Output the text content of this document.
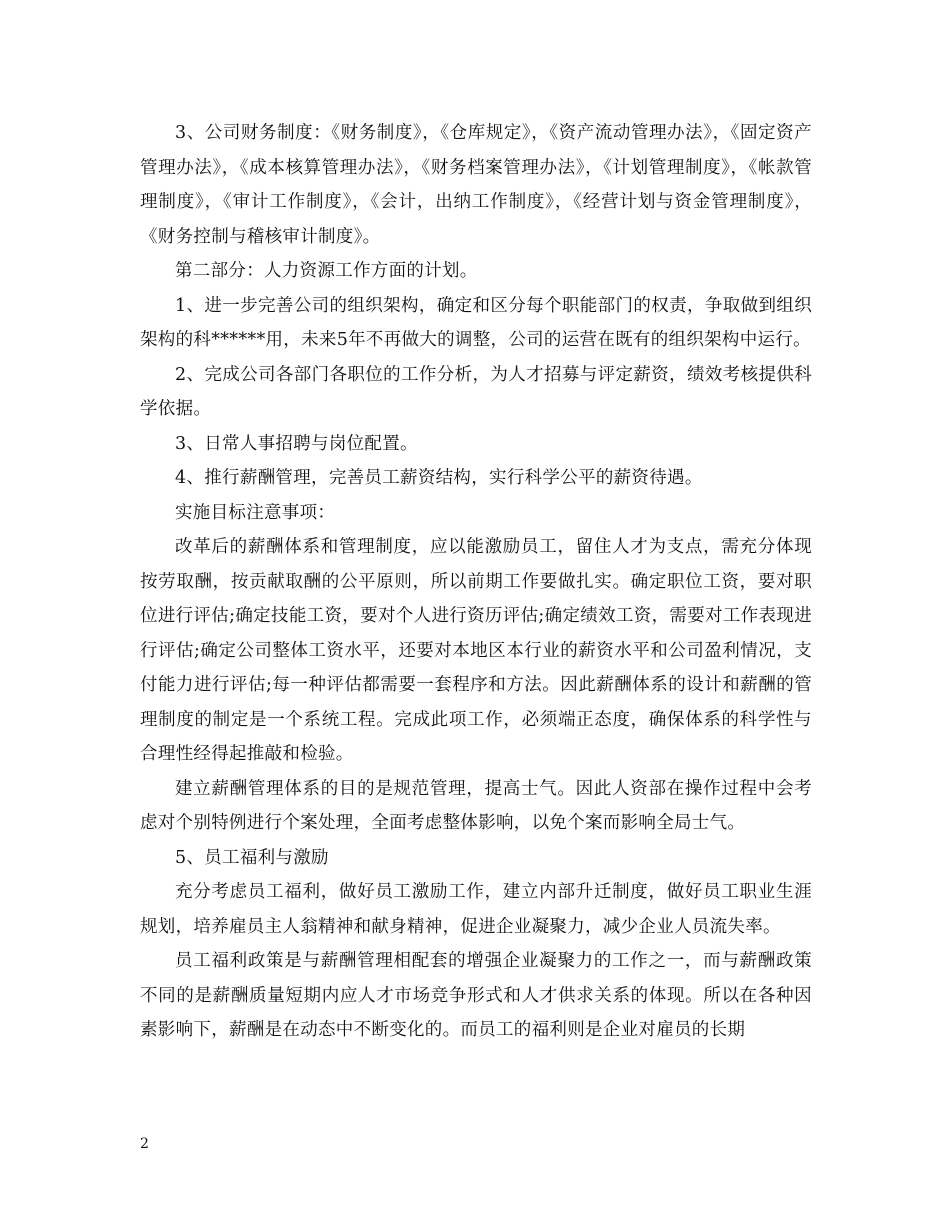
3、公司财务制度：《财务制度》，《仓库规定》，《资产流动管理办法》，《固定资产管理办法》，《成本核算管理办法》，《财务档案管理办法》，《计划管理制度》，《帐款管理制度》，《审计工作制度》，《会计，出纳工作制度》，《经营计划与资金管理制度》，《财务控制与稽核审计制度》。

第二部分：人力资源工作方面的计划。

1、进一步完善公司的组织架构，确定和区分每个职能部门的权责，争取做到组织架构的科******用，未来5年不再做大的调整，公司的运营在既有的组织架构中运行。

2、完成公司各部门各职位的工作分析，为人才招募与评定薪资，绩效考核提供科学依据。

3、日常人事招聘与岗位配置。

4、推行薪酬管理，完善员工薪资结构，实行科学公平的薪资待遇。

实施目标注意事项：

改革后的薪酬体系和管理制度，应以能激励员工，留住人才为支点，需充分体现按劳取酬，按贡献取酬的公平原则，所以前期工作要做扎实。确定职位工资，要对职位进行评估;确定技能工资，要对个人进行资历评估;确定绩效工资，需要对工作表现进行评估;确定公司整体工资水平，还要对本地区本行业的薪资水平和公司盈利情况，支付能力进行评估;每一种评估都需要一套程序和方法。因此薪酬体系的设计和薪酬的管理制度的制定是一个系统工程。完成此项工作，必须端正态度，确保体系的科学性与合理性经得起推敲和检验。

建立薪酬管理体系的目的是规范管理，提高士气。因此人资部在操作过程中会考虑对个别特例进行个案处理，全面考虑整体影响，以免个案而影响全局士气。

5、员工福利与激励

充分考虑员工福利，做好员工激励工作，建立内部升迁制度，做好员工职业生涯规划，培养雇员主人翁精神和献身精神，促进企业凝聚力，减少企业人员流失率。

员工福利政策是与薪酬管理相配套的增强企业凝聚力的工作之一，而与薪酬政策不同的是薪酬质量短期内应人才市场竞争形式和人才供求关系的体现。所以在各种因素影响下，薪酬是在动态中不断变化的。而员工的福利则是企业对雇员的长期

2
